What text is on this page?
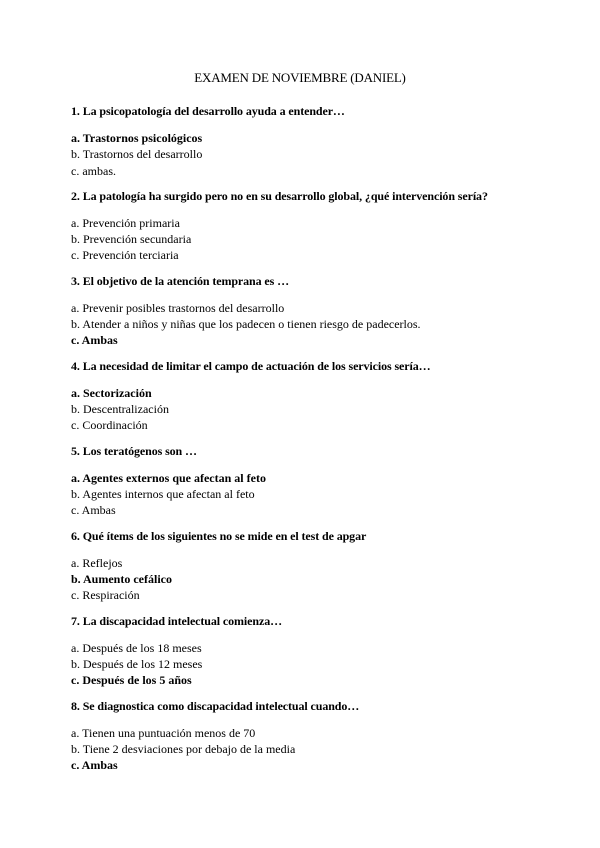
EXAMEN DE NOVIEMBRE (DANIEL)
1. La psicopatología del desarrollo ayuda a entender…
a. Trastornos psicológicos
b. Trastornos del desarrollo
c. ambas.
2. La patología ha surgido pero no en su desarrollo global, ¿qué intervención sería?
a. Prevención primaria
b. Prevención secundaria
c. Prevención terciaria
3. El objetivo de la atención temprana es …
a. Prevenir posibles trastornos del desarrollo
b. Atender a niños y niñas que los padecen o tienen riesgo de padecerlos.
c. Ambas
4. La necesidad de limitar el campo de actuación de los servicios sería…
a. Sectorización
b. Descentralización
c. Coordinación
5. Los teratógenos son …
a. Agentes externos que afectan al feto
b. Agentes internos que afectan al feto
c. Ambas
6. Qué ítems de los siguientes no se mide en el test de apgar
a. Reflejos
b. Aumento cefálico
c. Respiración
7. La discapacidad intelectual comienza…
a. Después de los 18 meses
b. Después de los 12 meses
c. Después de los 5 años
8. Se diagnostica como discapacidad intelectual cuando…
a. Tienen una puntuación menos de 70
b. Tiene 2 desviaciones por debajo de la media
c. Ambas
